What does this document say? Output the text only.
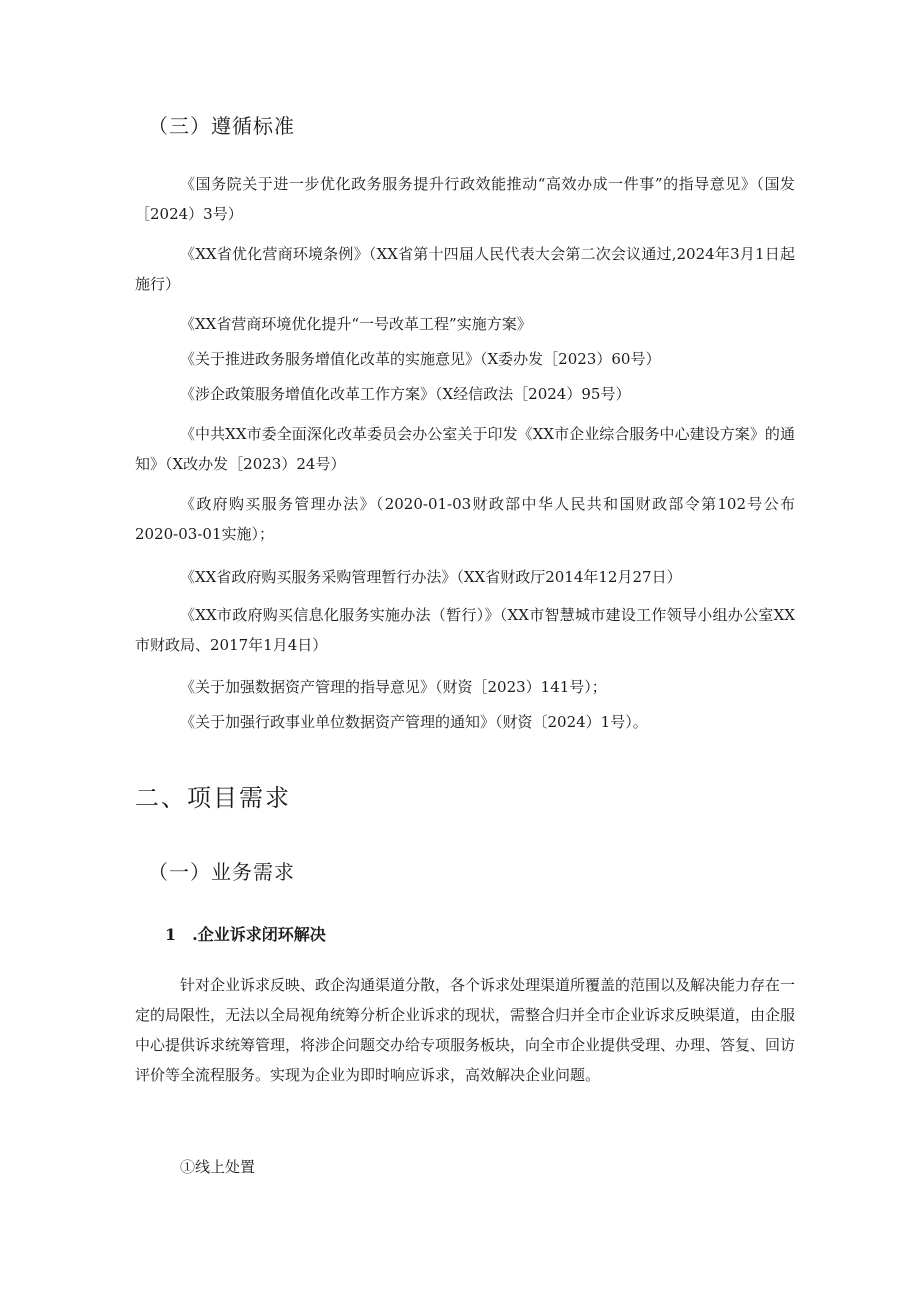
（三）遵循标准
《国务院关于进一步优化政务服务提升行政效能推动“高效办成一件事”的指导意见》（国发［2024）3号）
《XX省优化营商环境条例》（XX省第十四届人民代表大会第二次会议通过,2024年3月1日起施行）
《XX省营商环境优化提升“一号改革工程”实施方案》
《关于推进政务服务增值化改革的实施意见》（X委办发［2023）60号）
《涉企政策服务增值化改革工作方案》（X经信政法［2024）95号）
《中共XX市委全面深化改革委员会办公室关于印发《XX市企业综合服务中心建设方案》的通知》（X改办发［2023）24号）
《政府购买服务管理办法》（2020-01-03财政部中华人民共和国财政部令第102号公布2020-03-01实施）；
《XX省政府购买服务采购管理暂行办法》（XX省财政厅2014年12月27日）
《XX市政府购买信息化服务实施办法（暂行）》（XX市智慧城市建设工作领导小组办公室XX市财政局、2017年1月4日）
《关于加强数据资产管理的指导意见》（财资［2023）141号）；
《关于加强行政事业单位数据资产管理的通知》（财资〔2024）1号）。
二、项目需求
（一）业务需求
1　.企业诉求闭环解决
针对企业诉求反映、政企沟通渠道分散，各个诉求处理渠道所覆盖的范围以及解决能力存在一定的局限性，无法以全局视角统筹分析企业诉求的现状，需整合归并全市企业诉求反映渠道，由企服中心提供诉求统筹管理，将涉企问题交办给专项服务板块，向全市企业提供受理、办理、答复、回访评价等全流程服务。实现为企业为即时响应诉求，高效解决企业问题。
①线上处置
